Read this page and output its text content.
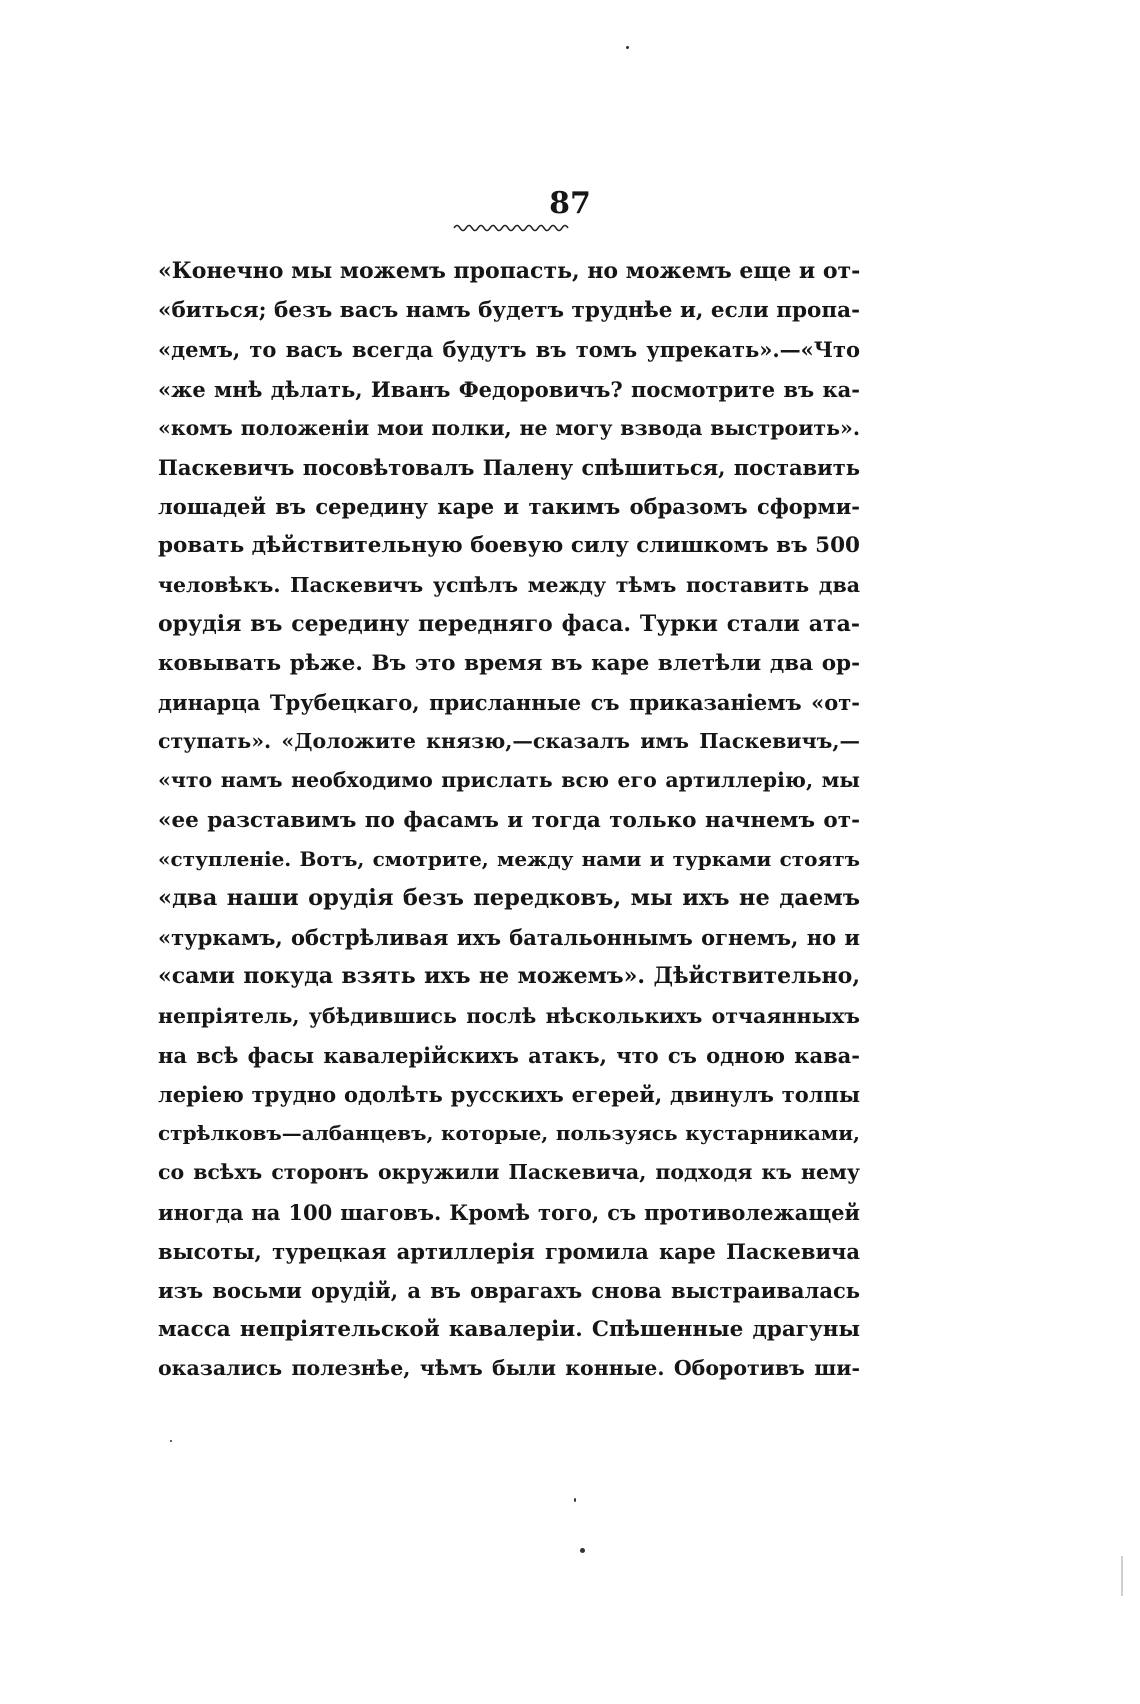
87
«Конечно мы можемъ пропасть, но можемъ еще и от-
«биться; безъ васъ намъ будетъ труднѣе и, если пропа-
«демъ, то васъ всегда будутъ въ томъ упрекать».—«Что
«же мнѣ дѣлать, Иванъ Федоровичъ? посмотрите въ ка-
«комъ положеніи мои полки, не могу взвода выстроить».
Паскевичъ посовѣтовалъ Палену спѣшиться, поставить
лошадей въ середину каре и такимъ образомъ сформи-
ровать дѣйствительную боевую силу слишкомъ въ 500
человѣкъ. Паскевичъ успѣлъ между тѣмъ поставить два
орудія въ середину передняго фаса. Турки стали ата-
ковывать рѣже. Въ это время въ каре влетѣли два ор-
динарца Трубецкаго, присланные съ приказаніемъ «от-
ступать». «Доложите князю,—сказалъ имъ Паскевичъ,—
«что намъ необходимо прислать всю его артиллерію, мы
«ее разставимъ по фасамъ и тогда только начнемъ от-
«ступленіе. Вотъ, смотрите, между нами и турками стоятъ
«два наши орудія безъ передковъ, мы ихъ не даемъ
«туркамъ, обстрѣливая ихъ батальоннымъ огнемъ, но и
«сами покуда взять ихъ не можемъ». Дѣйствительно,
непріятель, убѣдившись послѣ нѣсколькихъ отчаянныхъ
на всѣ фасы кавалерійскихъ атакъ, что съ одною кава-
леріею трудно одолѣть русскихъ егерей, двинулъ толпы
стрѣлковъ—албанцевъ, которые, пользуясь кустарниками,
со всѣхъ сторонъ окружили Паскевича, подходя къ нему
иногда на 100 шаговъ. Кромѣ того, съ противолежащей
высоты, турецкая артиллерія громила каре Паскевича
изъ восьми орудій, а въ оврагахъ снова выстраивалась
масса непріятельской кавалеріи. Спѣшенные драгуны
оказались полезнѣе, чѣмъ были конные. Оборотивъ ши-
